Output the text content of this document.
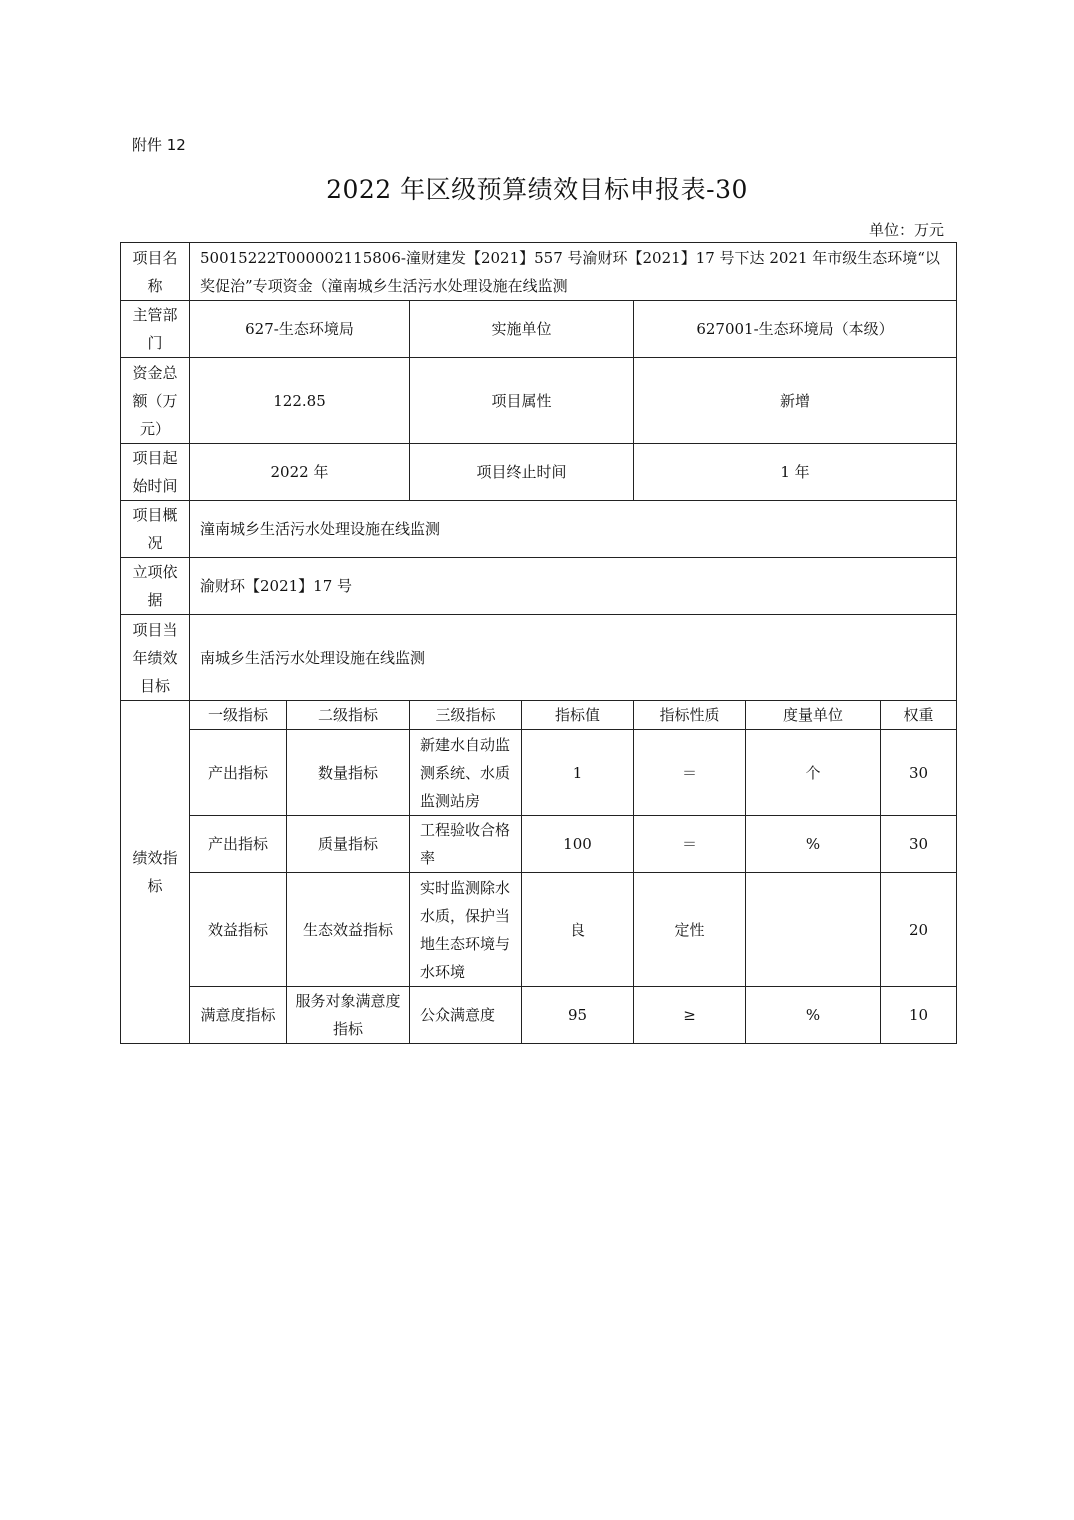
附件 12
2022 年区级预算绩效目标申报表-30
单位：万元
项目名称	50015222T000002115806-潼财建发【2021】557 号渝财环【2021】17 号下达 2021 年市级生态环境“以奖促治”专项资金（潼南城乡生活污水处理设施在线监测						
主管部门	627-生态环境局		实施单位		627001-生态环境局（本级）		
资金总额（万元）	122.85		项目属性		新增		
项目起始时间	2022 年		项目终止时间		1 年		
项目概况	潼南城乡生活污水处理设施在线监测						
立项依据	渝财环【2021】17 号						
项目当年绩效目标	南城乡生活污水处理设施在线监测						
绩效指标	一级指标	二级指标	三级指标	指标值	指标性质	度量单位	权重
	产出指标	数量指标	新建水自动监测系统、水质监测站房	1	＝	个	30
	产出指标	质量指标	工程验收合格率	100	＝	%	30
	效益指标	生态效益指标	实时监测除水水质，保护当地生态环境与水环境	良	定性		20
	满意度指标	服务对象满意度指标	公众满意度	95	≥	%	10
